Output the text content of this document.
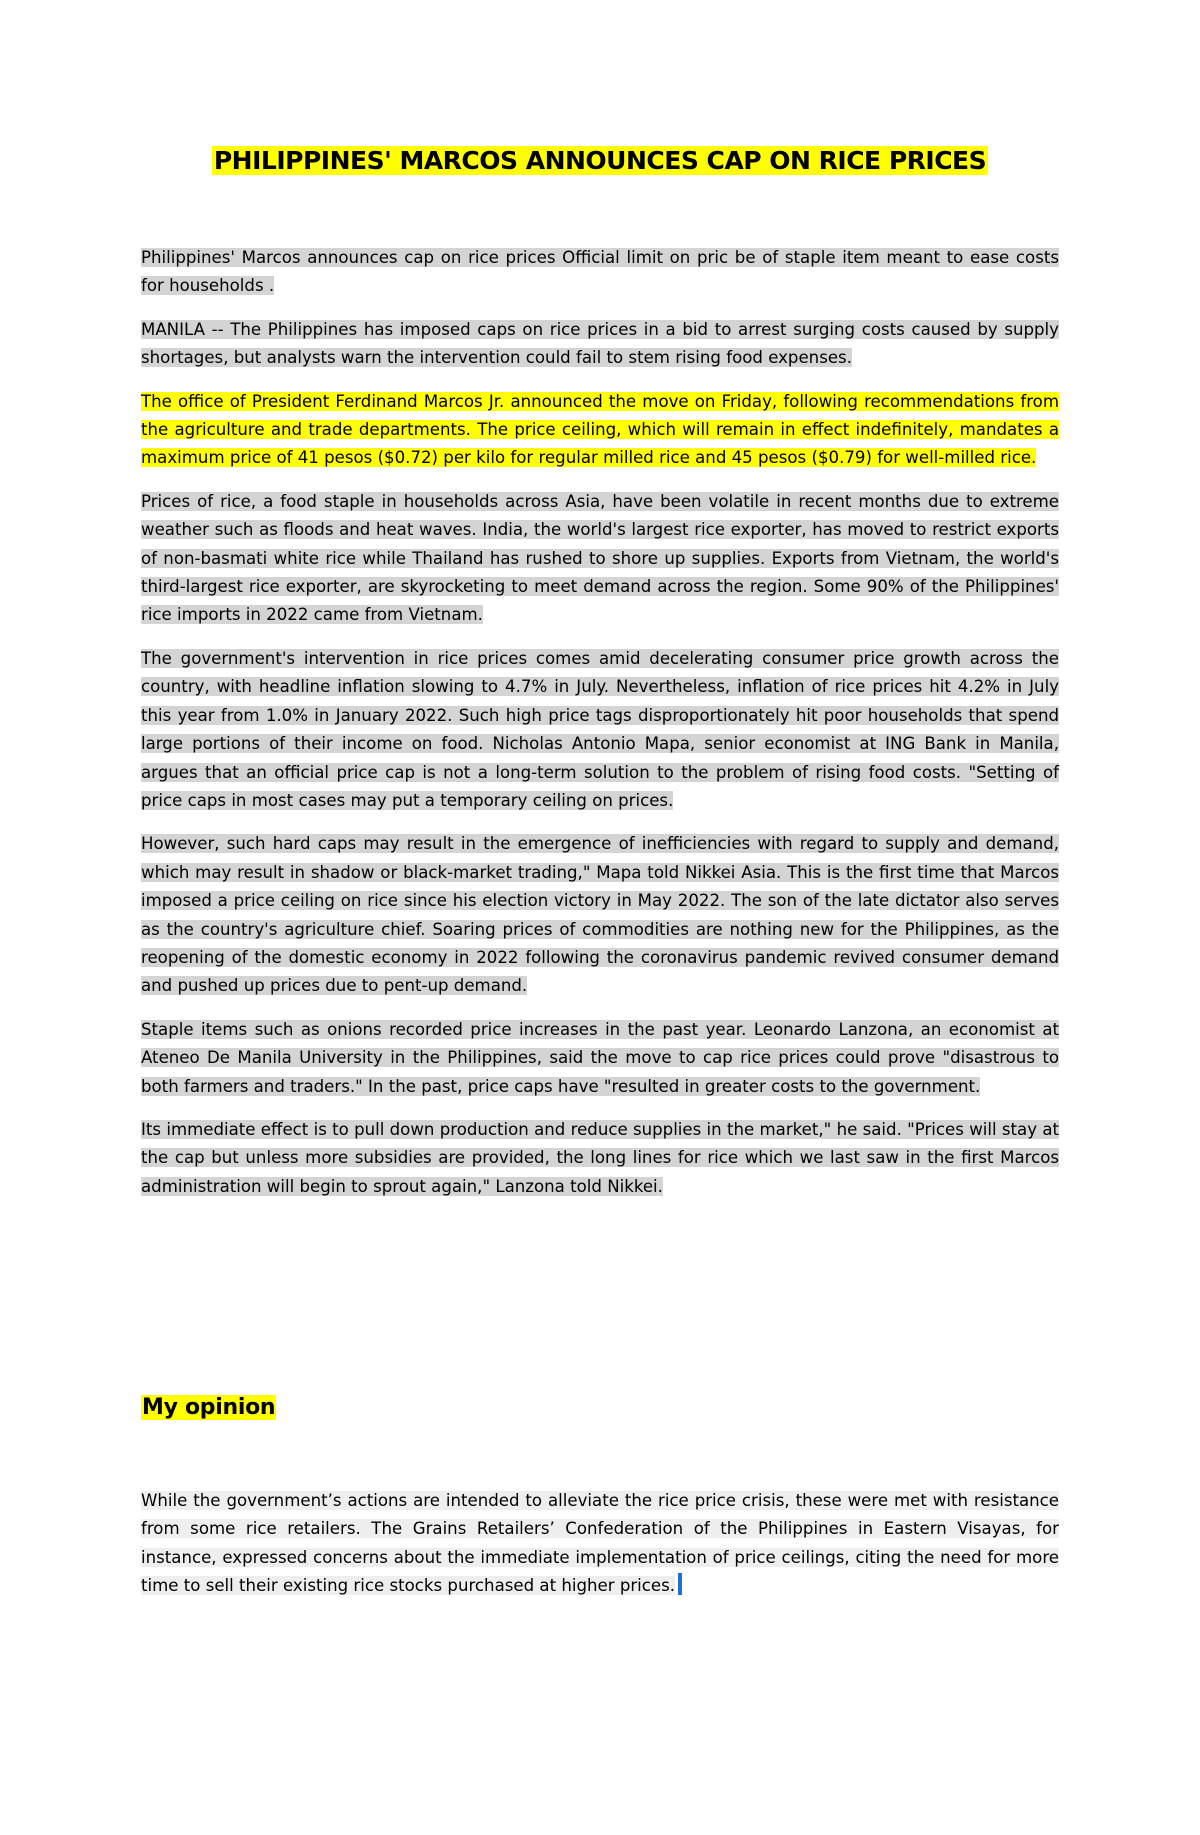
PHILIPPINES' MARCOS ANNOUNCES CAP ON RICE PRICES

Philippines' Marcos announces cap on rice prices Official limit on pric be of staple item meant to ease costs for households .

MANILA -- The Philippines has imposed caps on rice prices in a bid to arrest surging costs caused by supply shortages, but analysts warn the intervention could fail to stem rising food expenses.

The office of President Ferdinand Marcos Jr. announced the move on Friday, following recommendations from the agriculture and trade departments. The price ceiling, which will remain in effect indefinitely, mandates a maximum price of 41 pesos ($0.72) per kilo for regular milled rice and 45 pesos ($0.79) for well-milled rice.

Prices of rice, a food staple in households across Asia, have been volatile in recent months due to extreme weather such as floods and heat waves. India, the world's largest rice exporter, has moved to restrict exports of non-basmati white rice while Thailand has rushed to shore up supplies. Exports from Vietnam, the world's third-largest rice exporter, are skyrocketing to meet demand across the region. Some 90% of the Philippines' rice imports in 2022 came from Vietnam.

The government's intervention in rice prices comes amid decelerating consumer price growth across the country, with headline inflation slowing to 4.7% in July. Nevertheless, inflation of rice prices hit 4.2% in July this year from 1.0% in January 2022. Such high price tags disproportionately hit poor households that spend large portions of their income on food. Nicholas Antonio Mapa, senior economist at ING Bank in Manila, argues that an official price cap is not a long-term solution to the problem of rising food costs. "Setting of price caps in most cases may put a temporary ceiling on prices.

However, such hard caps may result in the emergence of inefficiencies with regard to supply and demand, which may result in shadow or black-market trading," Mapa told Nikkei Asia. This is the first time that Marcos imposed a price ceiling on rice since his election victory in May 2022. The son of the late dictator also serves as the country's agriculture chief. Soaring prices of commodities are nothing new for the Philippines, as the reopening of the domestic economy in 2022 following the coronavirus pandemic revived consumer demand and pushed up prices due to pent-up demand.

Staple items such as onions recorded price increases in the past year. Leonardo Lanzona, an economist at Ateneo De Manila University in the Philippines, said the move to cap rice prices could prove "disastrous to both farmers and traders." In the past, price caps have "resulted in greater costs to the government.

Its immediate effect is to pull down production and reduce supplies in the market," he said. "Prices will stay at the cap but unless more subsidies are provided, the long lines for rice which we last saw in the first Marcos administration will begin to sprout again," Lanzona told Nikkei.

My opinion

While the government’s actions are intended to alleviate the rice price crisis, these were met with resistance from some rice retailers. The Grains Retailers’ Confederation of the Philippines in Eastern Visayas, for instance, expressed concerns about the immediate implementation of price ceilings, citing the need for more time to sell their existing rice stocks purchased at higher prices.
